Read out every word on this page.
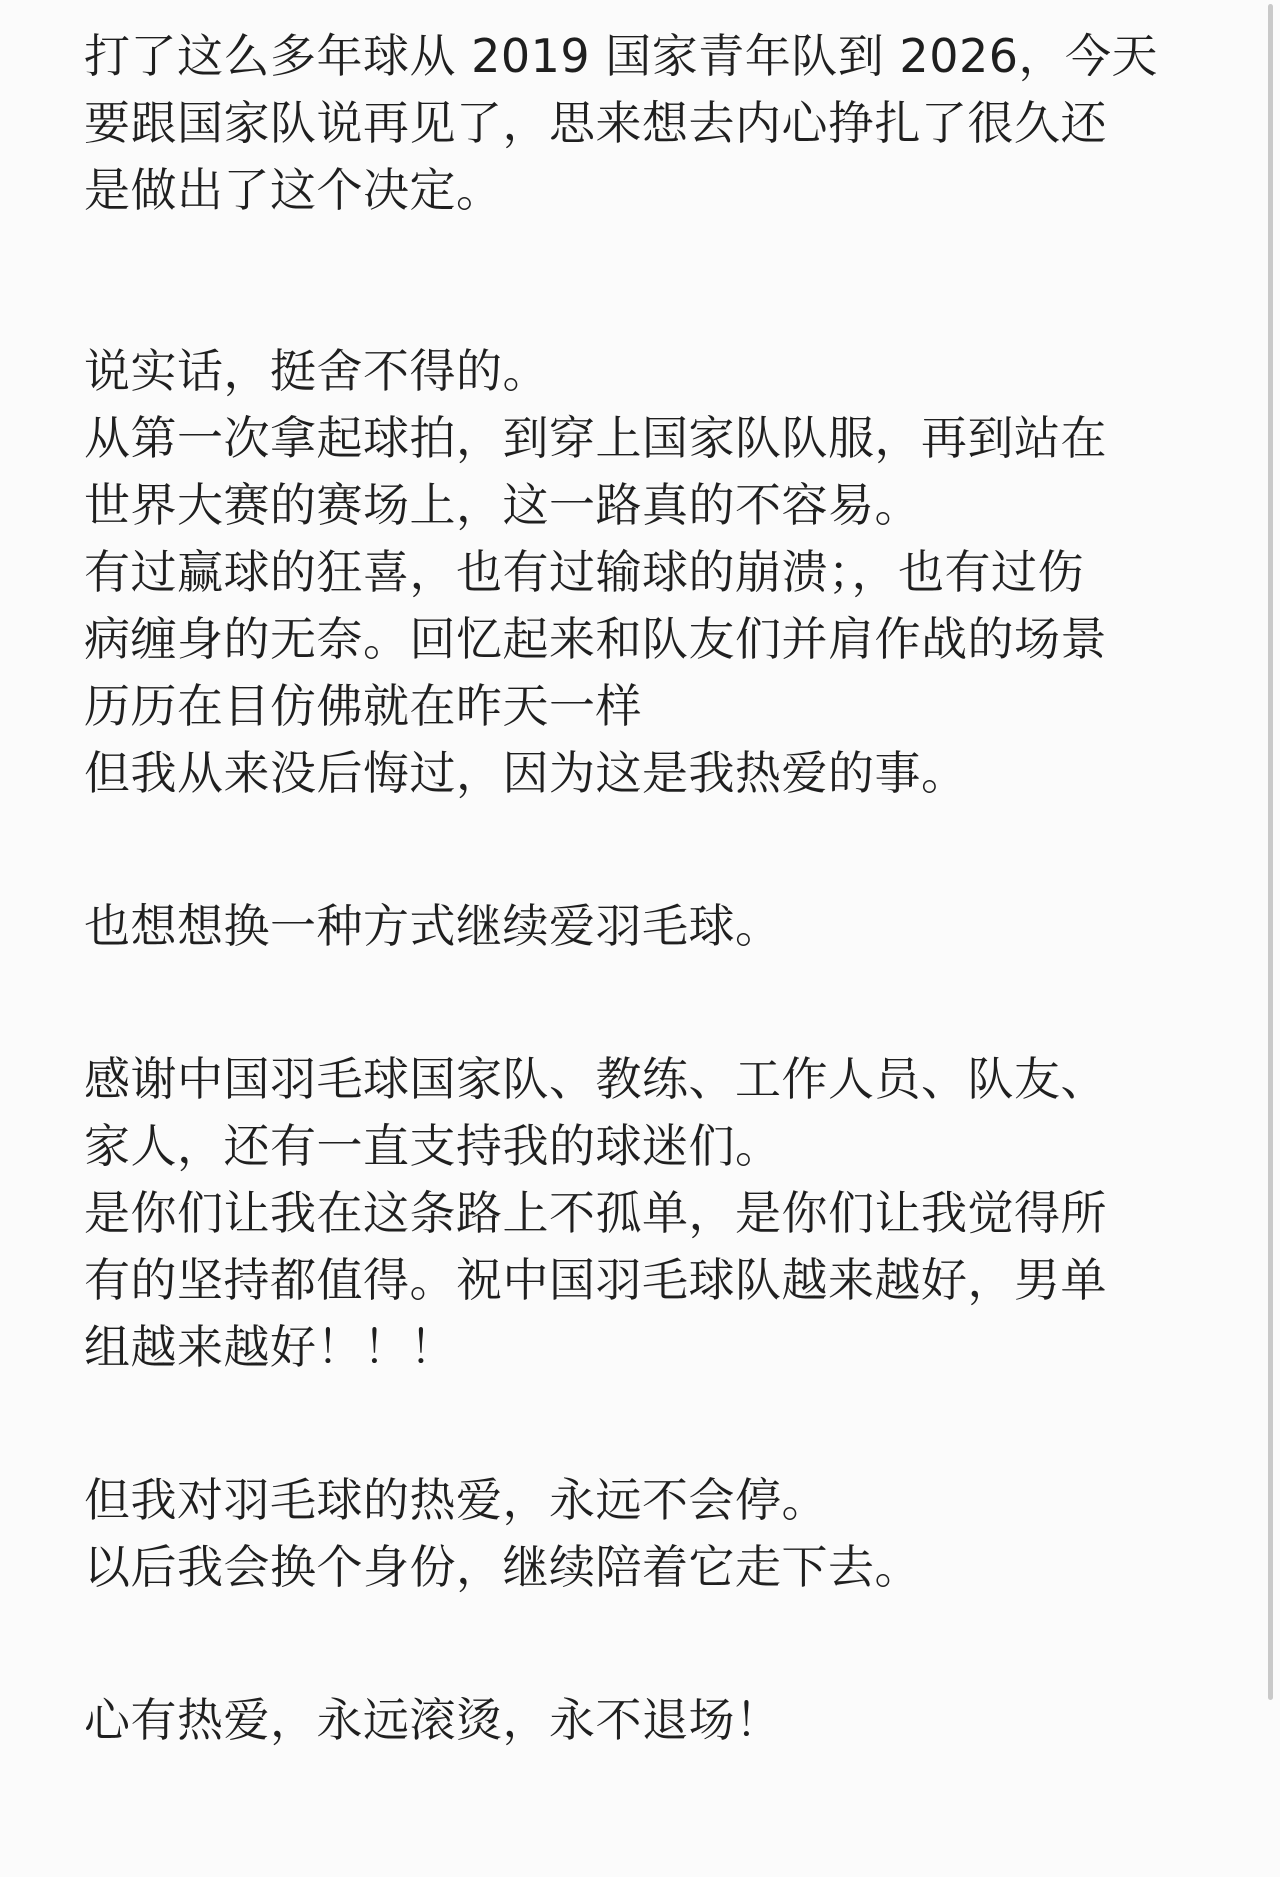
打了这么多年球从 2019 国家青年队到 2026，今天
要跟国家队说再见了，思来想去内心挣扎了很久还
是做出了这个决定。
说实话，挺舍不得的。
从第一次拿起球拍，到穿上国家队队服，再到站在
世界大赛的赛场上，这一路真的不容易。
有过赢球的狂喜，也有过输球的崩溃；，也有过伤
病缠身的无奈。回忆起来和队友们并肩作战的场景
历历在目仿佛就在昨天一样
但我从来没后悔过，因为这是我热爱的事。
也想想换一种方式继续爱羽毛球。
感谢中国羽毛球国家队、教练、工作人员、队友、
家人，还有一直支持我的球迷们。
是你们让我在这条路上不孤单，是你们让我觉得所
有的坚持都值得。祝中国羽毛球队越来越好，男单
组越来越好！！！
但我对羽毛球的热爱，永远不会停。
以后我会换个身份，继续陪着它走下去。
心有热爱，永远滚烫，永不退场！
